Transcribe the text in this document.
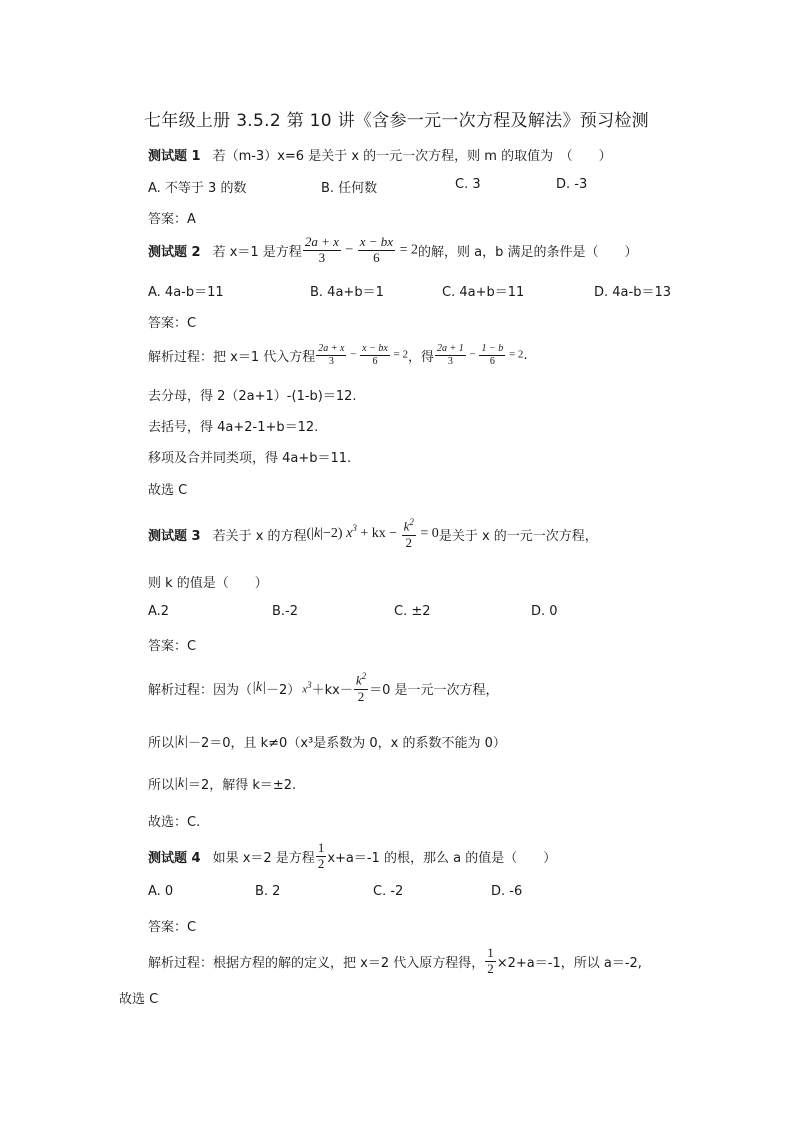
七年级上册 3.5.2 第 10 讲《含参一元一次方程及解法》预习检测
测试题 1 若（m-3）x=6 是关于 x 的一元一次方程，则 m 的取值为　（　　）
A. 不等于 3 的数	B. 任何数	C. 3	D. -3
答案：A
测试题 2 若 x＝1 是方程 $\frac{2a + x}{3} - \frac{x - bx}{6} = 2$ 的解，则 a，b 满足的条件是（　　）
A. 4a-b＝11	B. 4a+b＝1	C. 4a+b＝11	D. 4a-b＝13
答案：C
解析过程：把 x＝1 代入方程 $\frac{2a + x}{3} - \frac{x - bx}{6} = 2$ ，得 $\frac{2a + 1}{3} - \frac{1 - b}{6} = 2$ .
去分母，得 2（2a+1）-(1-b)＝12.
去括号，得 4a+2-1+b＝12.
移项及合并同类项，得 4a+b＝11.
故选 C
测试题 3 若关于 x 的方程 (|k|−2) $x^3$ + kx − $\frac{k^2}{2} = 0$ 是关于 x 的一元一次方程，
则 k 的值是（　　）
A.2	B.-2	C. ±2	D. 0
答案：C
解析过程：因为（ |k| －2） $x^3 +kx- \frac{k^2}{2} =0$ 是一元一次方程，
所以 |k| －2＝0，且 k≠0（x³是系数为 0，x 的系数不能为 0）
所以 |k| ＝2，解得 k＝±2.
故选：C.
测试题 4 如果 x＝2 是方程 $\frac{1}{2} x+a=-1$ 的根，那么 a 的值是（　　）
A. 0	B. 2	C. -2	D. -6
答案：C
解析过程：根据方程的解的定义，把 x＝2 代入原方程得， $\frac{1}{2} \times 2+a=-1$，所以 a＝-2,
故选 C
